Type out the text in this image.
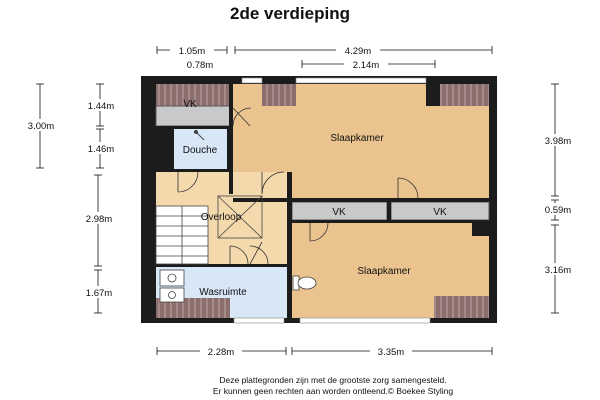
2de verdieping
Slaapkamer
Slaapkamer
Douche
Overloop
Wasruimte
VK
VK	VK
1.05m	4.29m
0.78m	2.14m
3.00m
1.44m
1.46m
2.98m
1.67m
3.98m
0.59m
3.16m
2.28m	3.35m
Deze plattegronden zijn met de grootste zorg samengesteld.
Er kunnen geen rechten aan worden ontleend.© Boekee Styling
